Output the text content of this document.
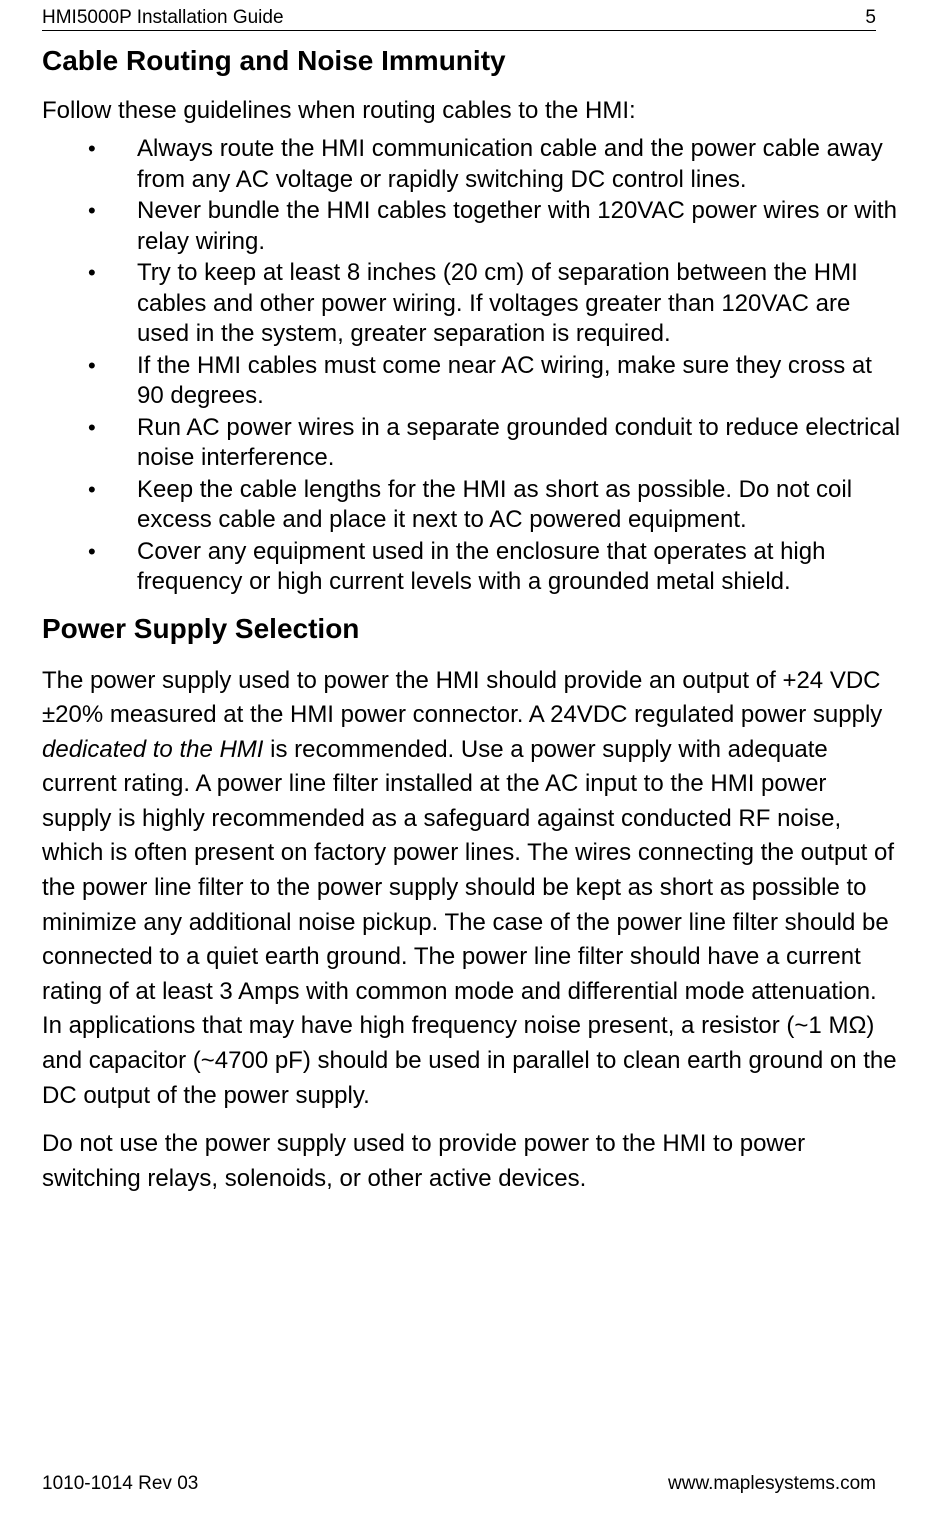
HMI5000P Installation Guide	5
Cable Routing and Noise Immunity

Follow these guidelines when routing cables to the HMI:

• Always route the HMI communication cable and the power cable away from any AC voltage or rapidly switching DC control lines.
• Never bundle the HMI cables together with 120VAC power wires or with relay wiring.
• Try to keep at least 8 inches (20 cm) of separation between the HMI cables and other power wiring. If voltages greater than 120VAC are used in the system, greater separation is required.
• If the HMI cables must come near AC wiring, make sure they cross at 90 degrees.
• Run AC power wires in a separate grounded conduit to reduce electrical noise interference.
• Keep the cable lengths for the HMI as short as possible. Do not coil excess cable and place it next to AC powered equipment.
• Cover any equipment used in the enclosure that operates at high frequency or high current levels with a grounded metal shield.
Power Supply Selection

The power supply used to power the HMI should provide an output of +24 VDC ±20% measured at the HMI power connector. A 24VDC regulated power supply dedicated to the HMI is recommended. Use a power supply with adequate current rating. A power line filter installed at the AC input to the HMI power supply is highly recommended as a safeguard against conducted RF noise, which is often present on factory power lines. The wires connecting the output of the power line filter to the power supply should be kept as short as possible to minimize any additional noise pickup. The case of the power line filter should be connected to a quiet earth ground. The power line filter should have a current rating of at least 3 Amps with common mode and differential mode attenuation. In applications that may have high frequency noise present, a resistor (~1 MΩ) and capacitor (~4700 pF) should be used in parallel to clean earth ground on the DC output of the power supply.

Do not use the power supply used to provide power to the HMI to power switching relays, solenoids, or other active devices.

1010-1014 Rev 03	www.maplesystems.com
